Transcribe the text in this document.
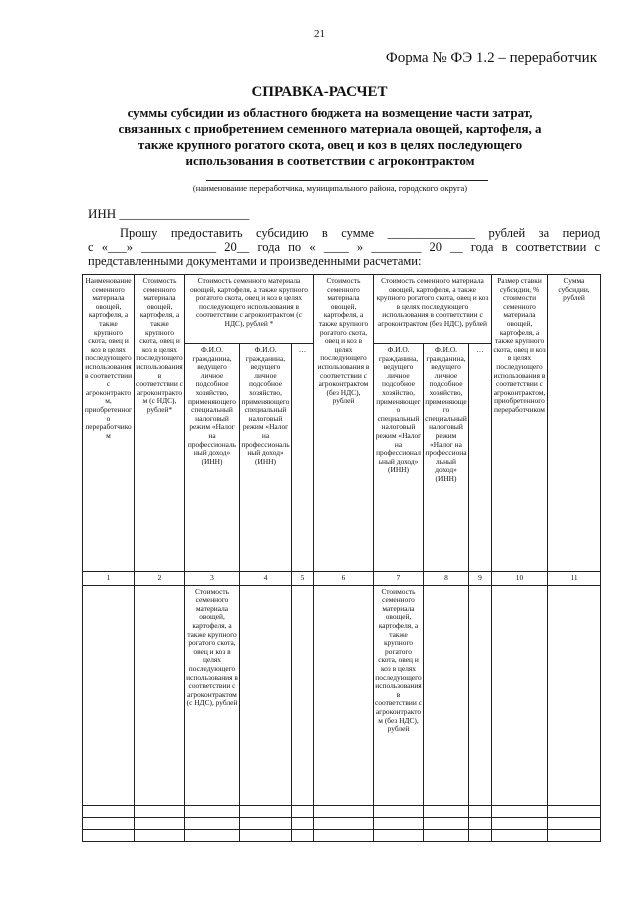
21
Форма № ФЭ 1.2 – переработчик
СПРАВКА-РАСЧЕТ
суммы субсидии из областного бюджета на возмещение части затрат, связанных с приобретением семенного материала овощей, картофеля, а также крупного рогатого скота, овец и коз в целях последующего использования в соответствии с агроконтрактом
(наименование переработчика, муниципального района, городского округа)
ИНН ____________________

Прошу предоставить субсидию в сумме ______________ рублей за период

с «___» ____________ 20__ года по « ____ » ________ 20 __ года в соответствии с

представленными документами и произведенными расчетами:

Наименование семенного материала овощей, картофеля, а также крупного скота, овец и коз в целях последующего использования в соответствии с агроконтрактом, приобретенного переработчиком	Стоимость семенного материала овощей, картофеля, а также крупного скота, овец и коз в целях последующего использования в соответствии с агроконтрактом (с НДС), рублей*	Стоимость семенного материала овощей, картофеля, а также крупного рогатого скота, овец и коз в целях последующего использования в соответствии с агроконтрактом (с НДС), рублей *			Стоимость семенного материала овощей, картофеля, а также крупного рогатого скота, овец и коз в целях последующего использования в соответствии с агроконтрактом (без НДС), рублей	Стоимость семенного материала овощей, картофеля, а также крупного рогатого скота, овец и коз в целях последующего использования в соответствии с агроконтрактом (без НДС), рублей			Размер ставки субсидии, % стоимости семенного материала овощей, картофеля, а также крупного скота, овец и коз в целях последующего использования в соответствии с агроконтрактом, приобретенного переработчиком	Сумма субсидии, рублей
		Ф.И.О. гражданина, ведущего личное подсобное хозяйство, применяющего специальный налоговый режим «Налог на профессиональный доход» (ИНН)	Ф.И.О. гражданина, ведущего личное подсобное хозяйство, применяющего специальный налоговый режим «Налог на профессиональный доход» (ИНН)	…		Ф.И.О. гражданина, ведущего личное подсобное хозяйство, применяющего специальный налоговый режим «Налог на профессиональный доход» (ИНН)	Ф.И.О. гражданина, ведущего личное подсобное хозяйство, применяющего специальный налоговый режим «Налог на профессиональный доход» (ИНН)	…		
1	2	3	4	5	6	7	8	9	10	11
		Стоимость семенного материала овощей, картофеля, а также крупного рогатого скота, овец и коз в целях последующего использования в соответствии с агроконтрактом (с НДС), рублей				Стоимость семенного материала овощей, картофеля, а также крупного рогатого скота, овец и коз в целях последующего использования в соответствии с агроконтрактом (без НДС), рублей				
